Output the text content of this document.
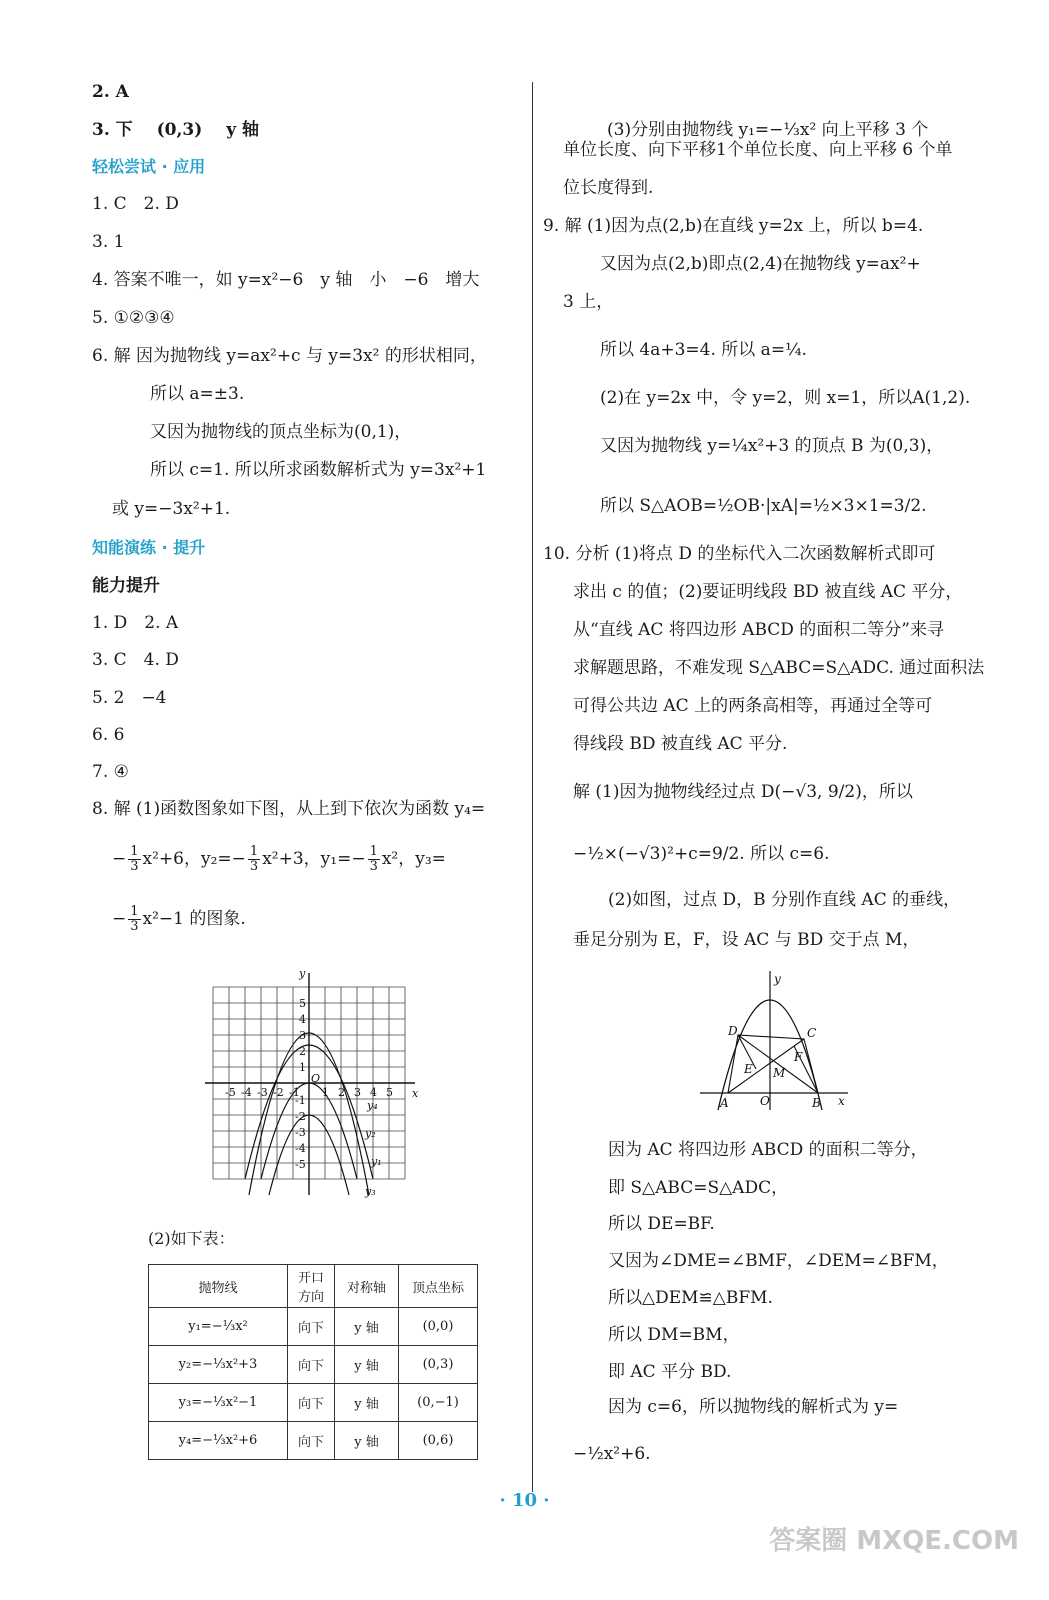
2. A
3. 下 (0,3) y 轴
轻松尝试 · 应用
1. C　2. D
3. 1
4. 答案不唯一，如 y=x²−6　y 轴　小　−6　增大
5. ①②③④
6. 解 因为抛物线 y=ax²+c 与 y=3x² 的形状相同，
所以 a=±3.
又因为抛物线的顶点坐标为(0,1)，
所以 c=1. 所以所求函数解析式为 y=3x²+1
或 y=−3x²+1.
知能演练 · 提升
能力提升
1. D　2. A
3. C　4. D
5. 2　−4
6. 6
7. ④
8. 解 (1)函数图象如下图，从上到下依次为函数 y₄=
− $\frac{1}{3} x^2+6$，$y_2=- \frac{1}{3} x^2+3$，$y_1=- \frac{1}{3} x^2$，y₃=
− $\frac{1}{3} x^2-1$ 的图象.
y
x
O
-5 -4 -3 -2 -1 1 2 3 4 5
5
4
3
2
1
-1
-2
-3
-4
-5
y₄
y₂
y₁
y₃
(2)如下表：
抛物线	开口方向	对称轴	顶点坐标
y₁=−⅓x²	向下	y 轴	(0,0)
y₂=−⅓x²+3	向下	y 轴	(0,3)
y₃=−⅓x²−1	向下	y 轴	(0,−1)
y₄=−⅓x²+6	向下	y 轴	(0,6)
(3)分别由抛物线 y₁=−⅓x² 向上平移 3 个
单位长度、向下平移1个单位长度、向上平移 6 个单
位长度得到.
9. 解 (1)因为点(2,b)在直线 y=2x 上，所以 b=4.
又因为点(2,b)即点(2,4)在抛物线 y=ax²+
3 上，
所以 4a+3=4. 所以 a=¼.
(2)在 y=2x 中，令 y=2，则 x=1，所以A(1,2).
又因为抛物线 y=¼x²+3 的顶点 B 为(0,3)，
所以 S△AOB=½OB·|xA|=½×3×1=3/2.
10. 分析 (1)将点 D 的坐标代入二次函数解析式即可
求出 c 的值；(2)要证明线段 BD 被直线 AC 平分，
从“直线 AC 将四边形 ABCD 的面积二等分”来寻
求解题思路，不难发现 S△ABC=S△ADC. 通过面积法
可得公共边 AC 上的两条高相等，再通过全等可
得线段 BD 被直线 AC 平分.
解 (1)因为抛物线经过点 D(−√3, 9/2)，所以
−½×(−√3)²+c=9/2. 所以 c=6.
(2)如图，过点 D，B 分别作直线 AC 的垂线，
垂足分别为 E，F，设 AC 与 BD 交于点 M，
y
D	C
E
F
M
A	O	B x
因为 AC 将四边形 ABCD 的面积二等分，
即 S△ABC=S△ADC，
所以 DE=BF.
又因为∠DME=∠BMF，∠DEM=∠BFM，
所以△DEM≌△BFM.
所以 DM=BM，
即 AC 平分 BD.
因为 c=6，所以抛物线的解析式为 y=
−½x²+6.
· 10 ·
答案圈 MXQE.COM
